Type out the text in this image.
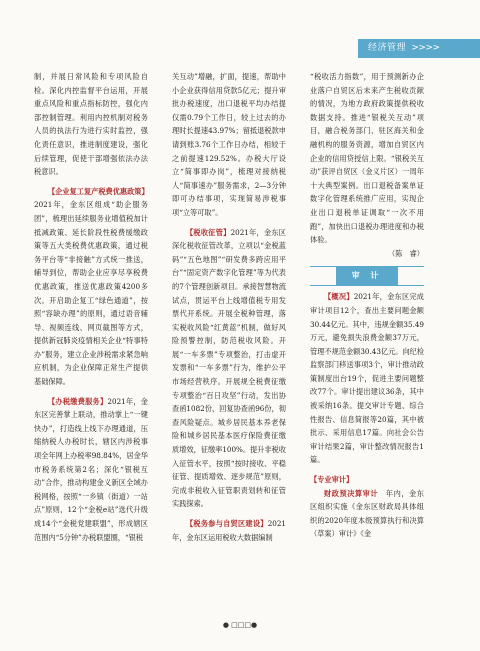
经济管理 >>>>

制，并展日常风险和专项风险自检。深化内控监督平台运用，开展重点风险和重点指标防控，强化内部控制管理。利用内控机制对税务人员的执法行为进行实时监控，强化责任意识，推进制度建设，强化后续管理，促使干部增强依法办法税意识。

【企业复工复产税费优惠政策】2021年，金东区组成“助企服务团”，梳理出延续服务业增值税加计抵减政策、延长阶段性税费缓缴政策等五大类税费优惠政策，通过税务平台等“非接触”方式统一推送，辅导到位，帮助企业应享尽享税费优惠政策，推送优惠政策4200多次。开启助企复工“绿色通道”，按照“容缺办理”的原则，通过语音辅导、视频连线、网页截图等方式，提供新冠肺炎疫情相关企业“特事特办”服务，建立企业涉税需求紧急响应机制，为企业保障正常生产提供基础保障。

【办税缴费服务】2021年，金东区完善掌上联动，推动掌上“一键快办”，打造线上线下办理通道，压缩纳税人办税时长，辖区内涉税事项全年网上办税率98.84%，居金华市税务系统第2名；深化“银税互动”合作，推动构建金义新区全域办税网格，按照“一乡镇（街道）一站点”原则，12个“金税e站”选代升级成14个“金税党建联盟”，形成辖区范围内“5分钟”办税联盟圈，“银税

关互动”增融，扩面，提速，帮助中小企业获得信用贷款5亿元；提升审批办税速度，出口退税平均办结提仅需0.79个工作日，较上过去的办理时长提速43.97%；留抵退税款申请到账3.76个工作日办结，相较于之前提速129.52%。办税大厅设立“简事即办岗”，梳理对接纳税人“简事速办”服务需求，2—3分钟即可办结事项，实现简易涉税事项“立等可取”。

【税收征管】2021年，金东区深化税收征管改革，立项以“金税蓝码”“五色地图”“研发费多跨应用平台”“固定资产数字化管理”等为代表的7个管理创新项目。承接智慧物流试点，贯运平台上线增值税专用发票代开系统。开展全税种管理，落实税收风险“红黄蓝”机制，做好风险预警控制，防范税收风险。开展“一车多票”专项整治，打击虚开发票和“一车多票”行为，维护公平市场经营秩序。开展规全税费征缴专项整治“百日攻坚”行动，发出协查函1082份，回复协查函96份，彻查风险疑点。城乡居民基本养老保险和城乡居民基本医疗保险费征缴质增效，征缴率100%。提升非税收入征管水平，按照“按时接收、平稳征管、提质增效、逐步规范”原则，完成非税收入征管职责划转和征管实践探索。

【税务参与自贸区建设】2021年，金东区运用税收大数据编制

“税收活力指数”，用于预测新办企业落户自贸区后未来产生税收贡献的情况，为地方政府政策提供税收数据支持。推进“银税关互动”项目，融合税务部门、驻区海关和金融机构的服务资源，增加自贸区内企业的信用贷授信上限。“银税关互动”获评自贸区（金义片区）一周年十大典型案例。出口退税备案单证数字化管理系统推广应用，实现企业出口退税单证调取“一次不用跑”，加快出口退税办理进度和办税体验。

（陈　睿）

审 计

【概况】2021年，金东区完成审计项目12个，查出主要问题金额30.44亿元。其中，违规金额35.49万元，避免损失浪费金额37万元，管理不规范金额30.43亿元。向纪检监察部门移送事项3个，审计推动政策制度出台19个，促进主要问题整改77个。审计提出建议36条，其中被采纳16条。提交审计专题、综合性报告、信息简报等20篇，其中被批示、采用信息17篇。向社会公告审计结果2篇，审计整改情况报告1篇。

【专业审计】

财政预决算审计　 年内，金东区组织实施《金东区财政局具体组织的2020年度本级预算执行和决算（草案）审计》《金

● □□□●
